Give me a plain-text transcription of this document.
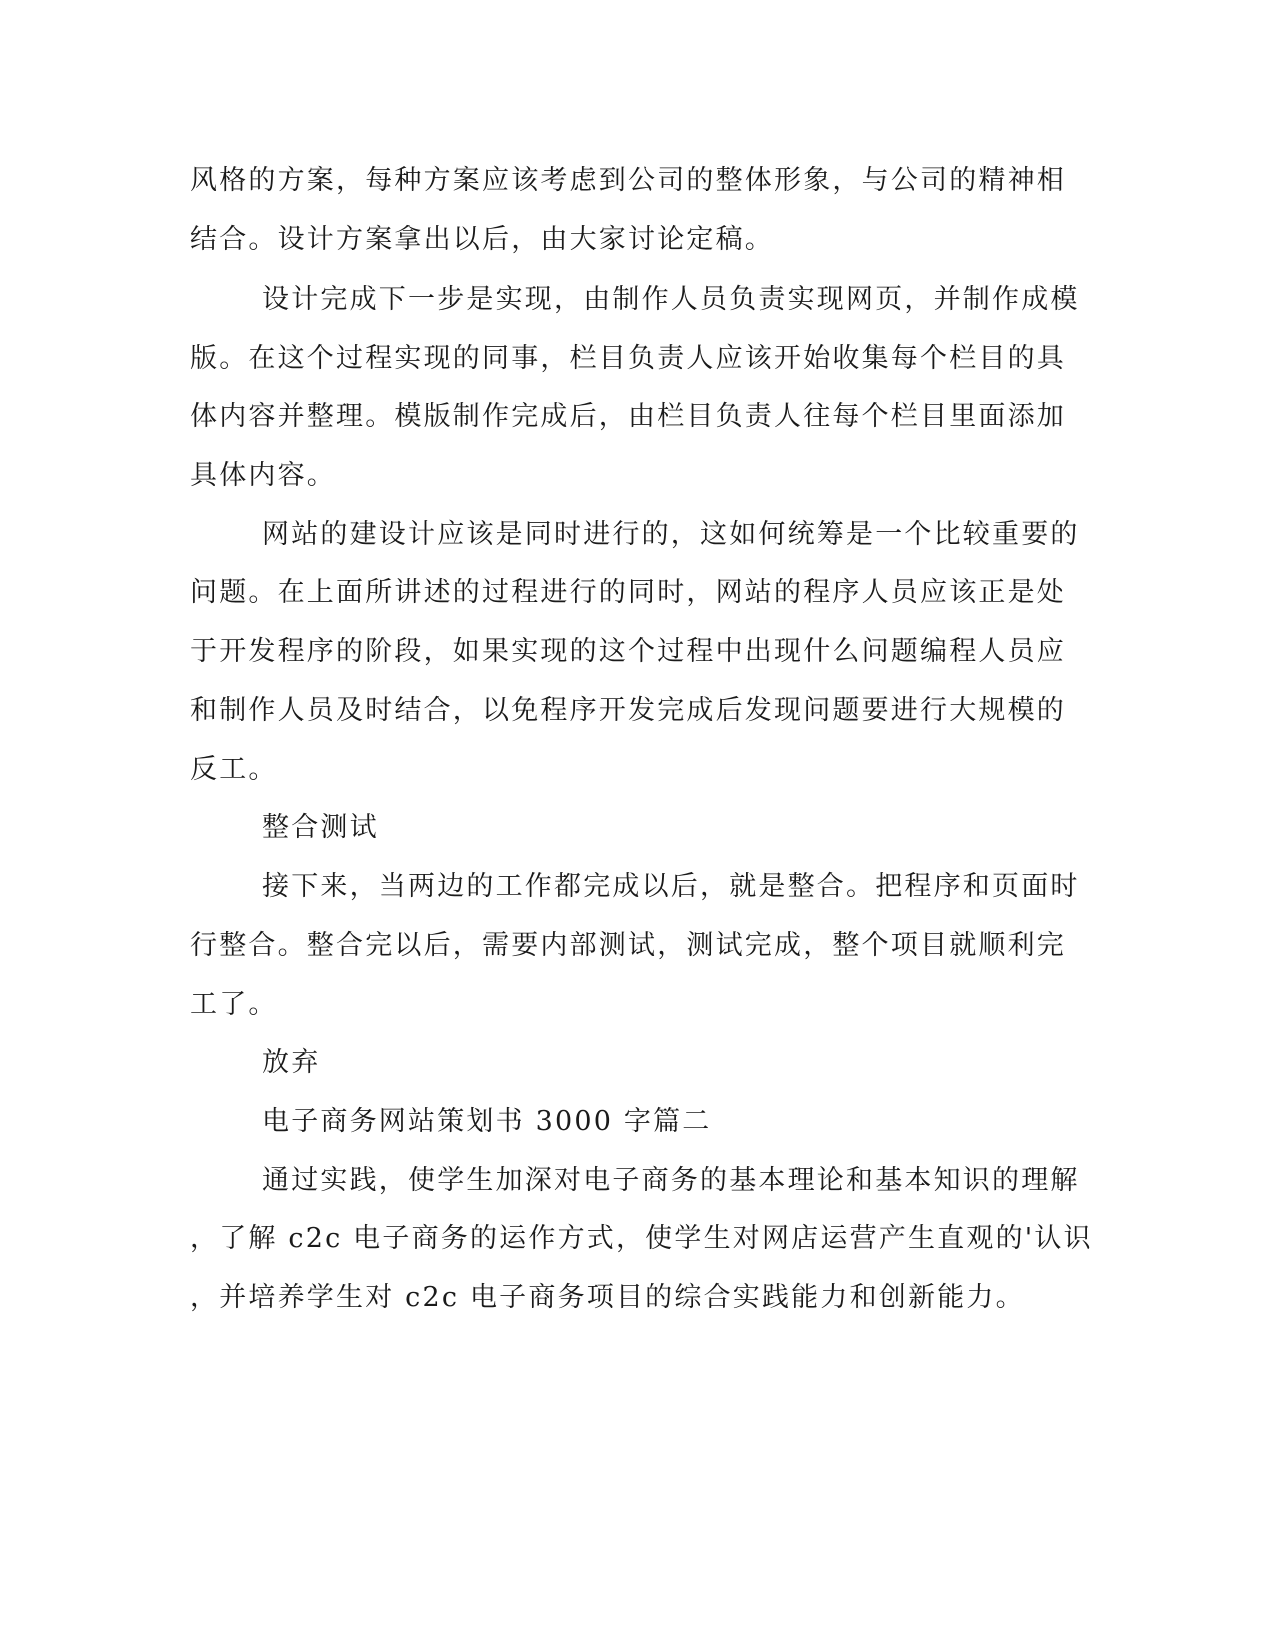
风格的方案，每种方案应该考虑到公司的整体形象，与公司的精神相
结合。设计方案拿出以后，由大家讨论定稿。
设计完成下一步是实现，由制作人员负责实现网页，并制作成模
版。在这个过程实现的同事，栏目负责人应该开始收集每个栏目的具
体内容并整理。模版制作完成后，由栏目负责人往每个栏目里面添加
具体内容。
网站的建设计应该是同时进行的，这如何统筹是一个比较重要的
问题。在上面所讲述的过程进行的同时，网站的程序人员应该正是处
于开发程序的阶段，如果实现的这个过程中出现什么问题编程人员应
和制作人员及时结合，以免程序开发完成后发现问题要进行大规模的
反工。
整合测试
接下来，当两边的工作都完成以后，就是整合。把程序和页面时
行整合。整合完以后，需要内部测试，测试完成，整个项目就顺利完
工了。
放弃
电子商务网站策划书 3000 字篇二
通过实践，使学生加深对电子商务的基本理论和基本知识的理解
，了解 c2c 电子商务的运作方式，使学生对网店运营产生直观的'认识
，并培养学生对 c2c 电子商务项目的综合实践能力和创新能力。
